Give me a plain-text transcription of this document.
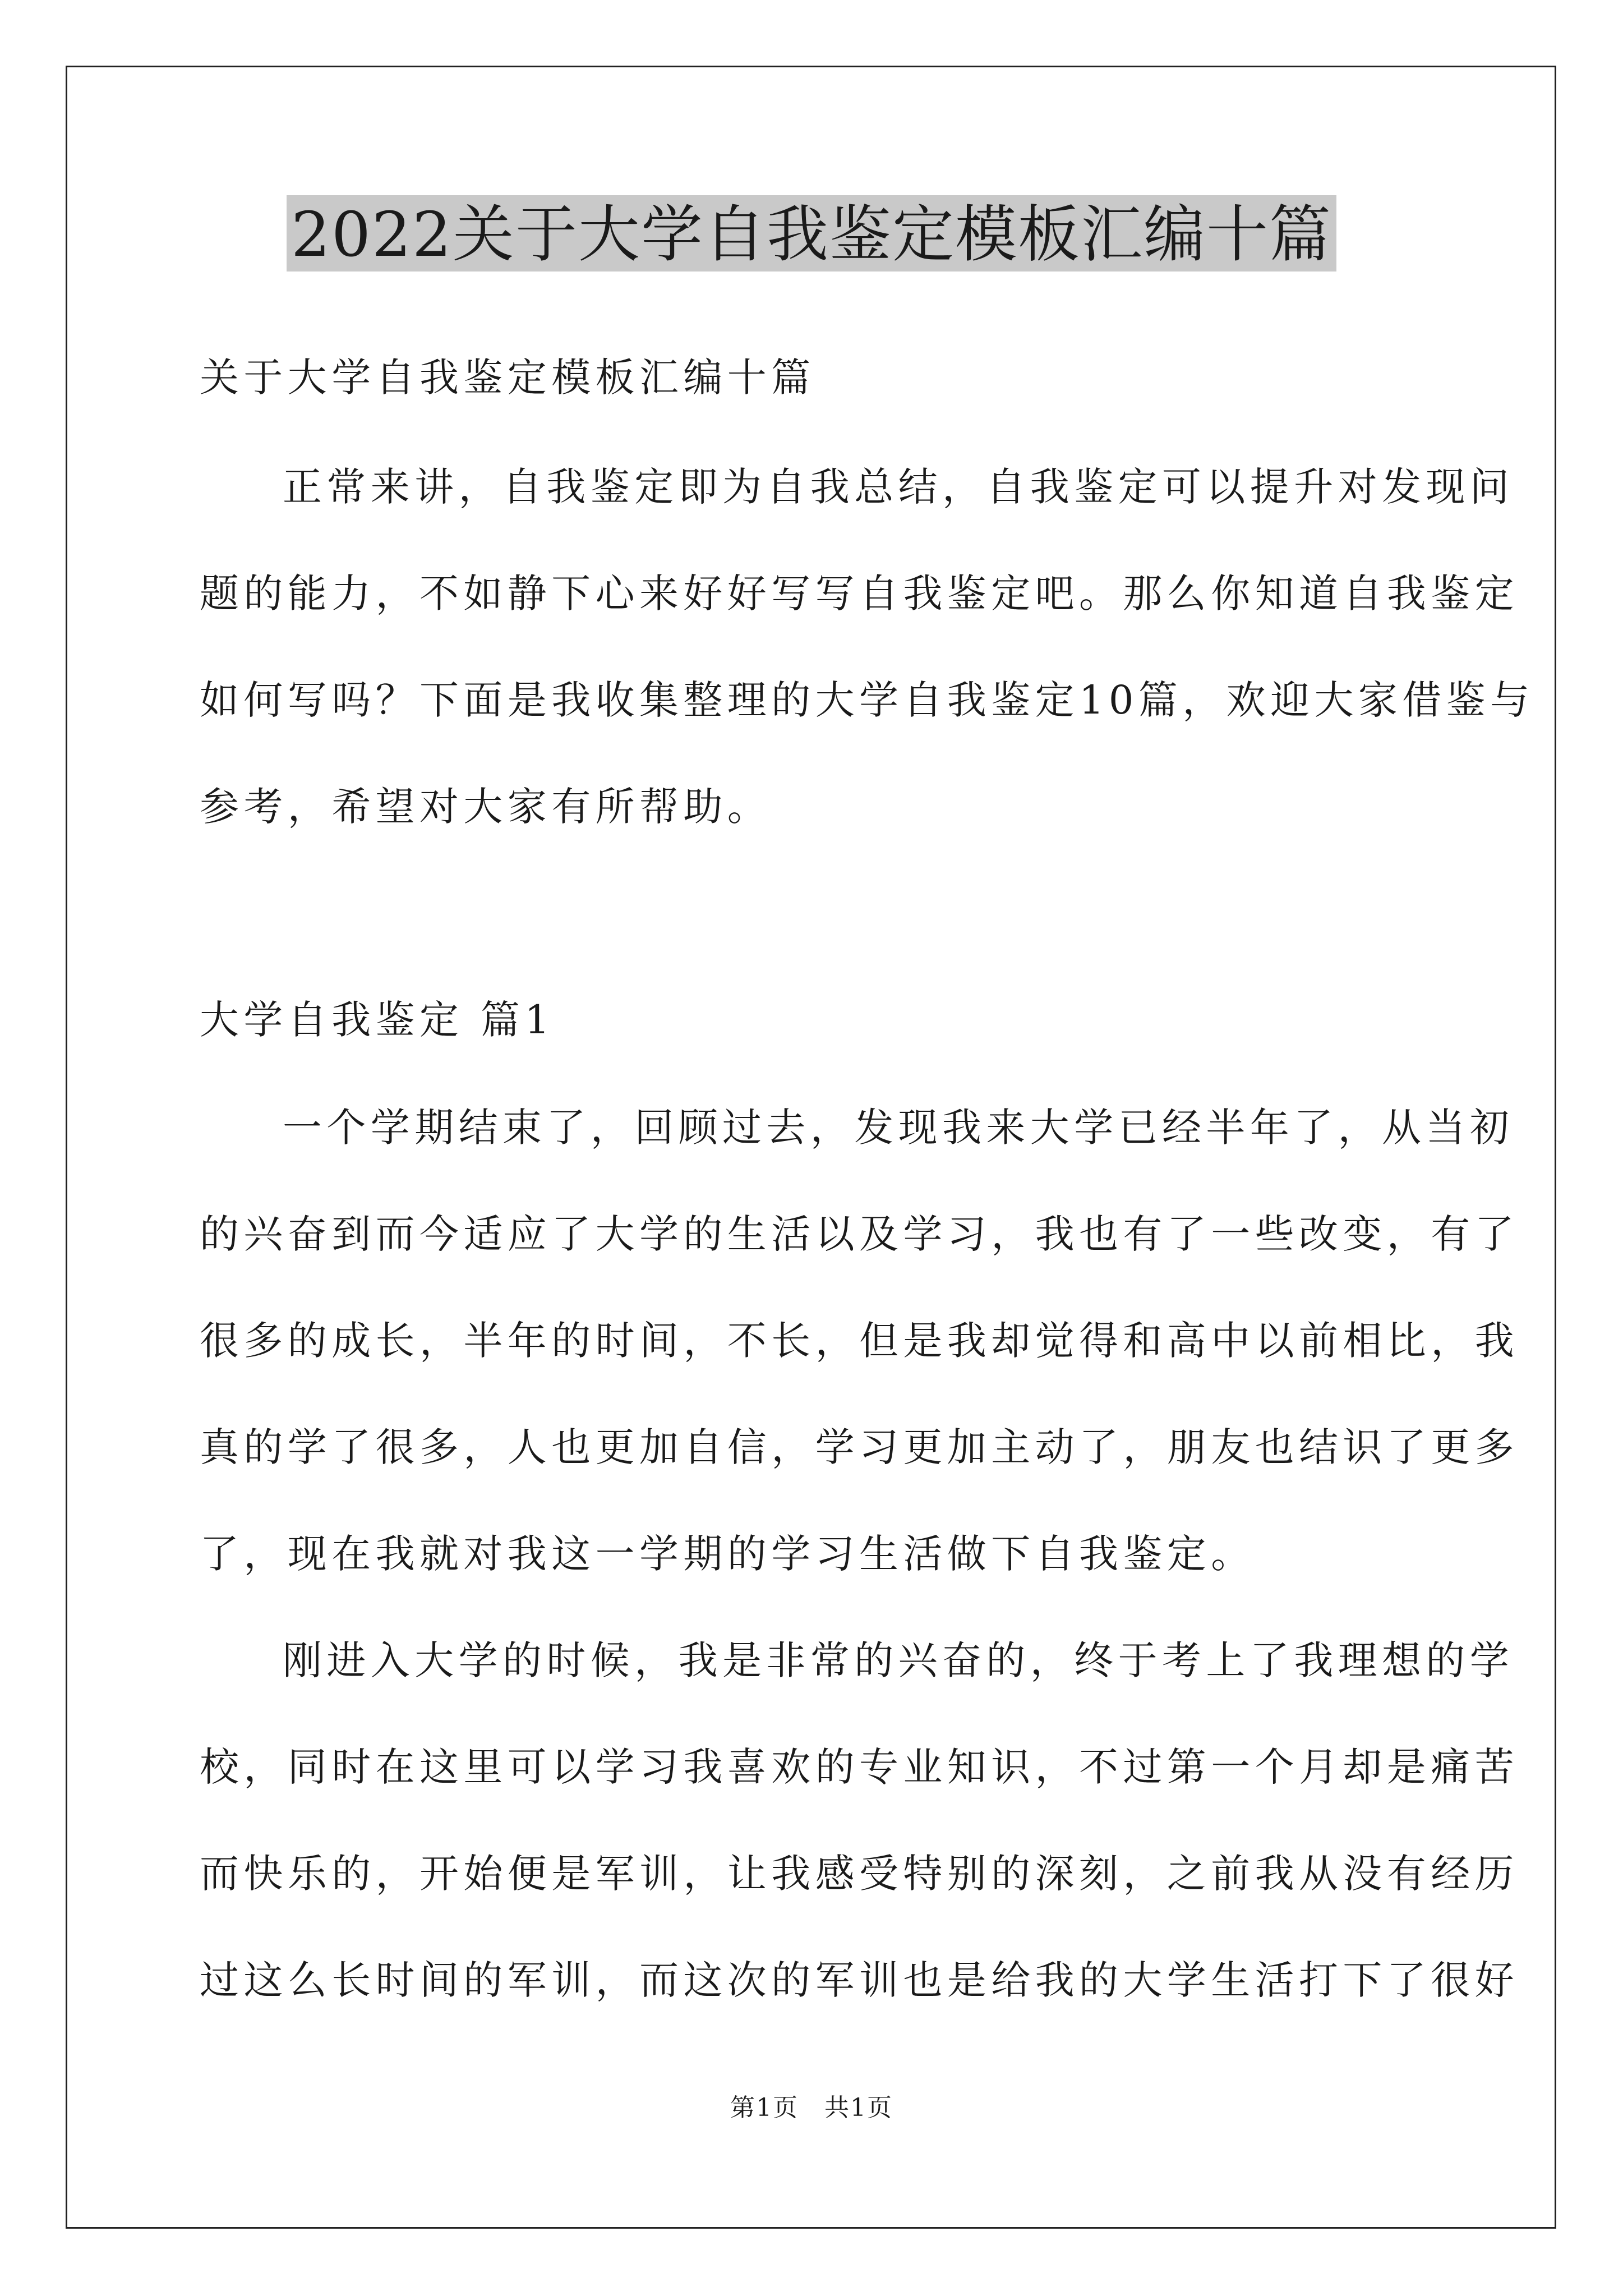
2022关于大学自我鉴定模板汇编十篇
关于大学自我鉴定模板汇编十篇
正常来讲，自我鉴定即为自我总结，自我鉴定可以提升对发现问
题的能力，不如静下心来好好写写自我鉴定吧。那么你知道自我鉴定
如何写吗？下面是我收集整理的大学自我鉴定10篇，欢迎大家借鉴与
参考，希望对大家有所帮助。
大学自我鉴定 篇1
一个学期结束了，回顾过去，发现我来大学已经半年了，从当初
的兴奋到而今适应了大学的生活以及学习，我也有了一些改变，有了
很多的成长，半年的时间，不长，但是我却觉得和高中以前相比，我
真的学了很多，人也更加自信，学习更加主动了，朋友也结识了更多
了，现在我就对我这一学期的学习生活做下自我鉴定。
刚进入大学的时候，我是非常的兴奋的，终于考上了我理想的学
校，同时在这里可以学习我喜欢的专业知识，不过第一个月却是痛苦
而快乐的，开始便是军训，让我感受特别的深刻，之前我从没有经历
过这么长时间的军训，而这次的军训也是给我的大学生活打下了很好
第1页　共1页
